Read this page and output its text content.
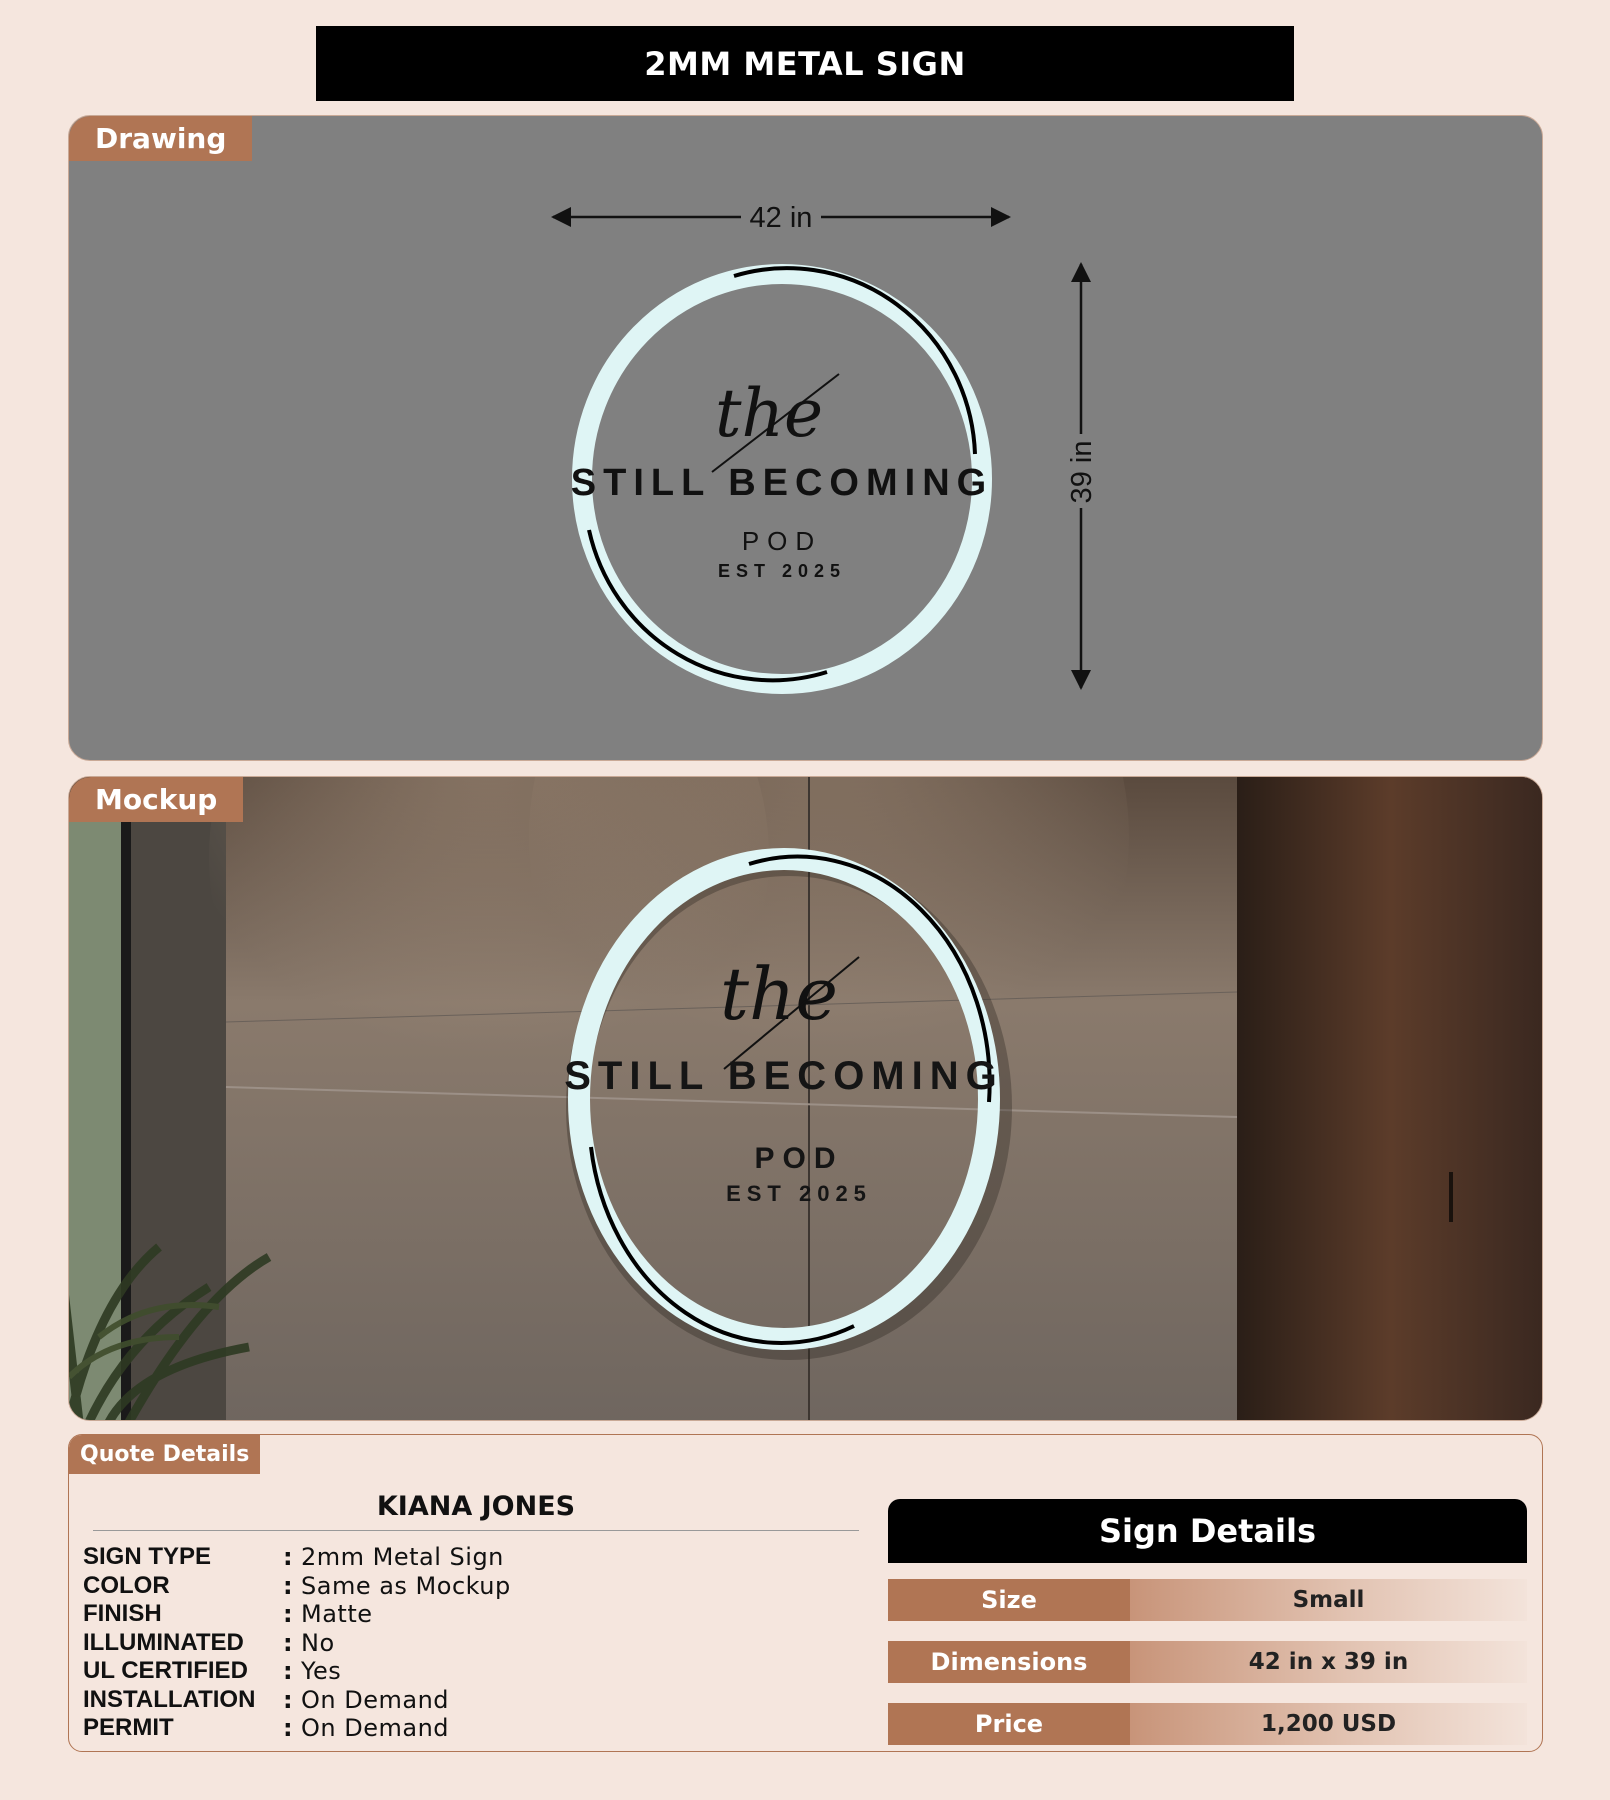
2MM METAL SIGN
Drawing
42 in
39 in
the
STILL BECOMING
POD
EST 2025
Mockup
the
STILL BECOMING
POD
EST 2025
Quote Details
KIANA JONES
SIGN TYPE	: 2mm Metal Sign
COLOR	: Same as Mockup
FINISH	: Matte
ILLUMINATED	: No
UL CERTIFIED	: Yes
INSTALLATION	: On Demand
PERMIT	: On Demand
Sign Details
Size	Small
Dimensions	42 in x 39 in
Price	1,200 USD
